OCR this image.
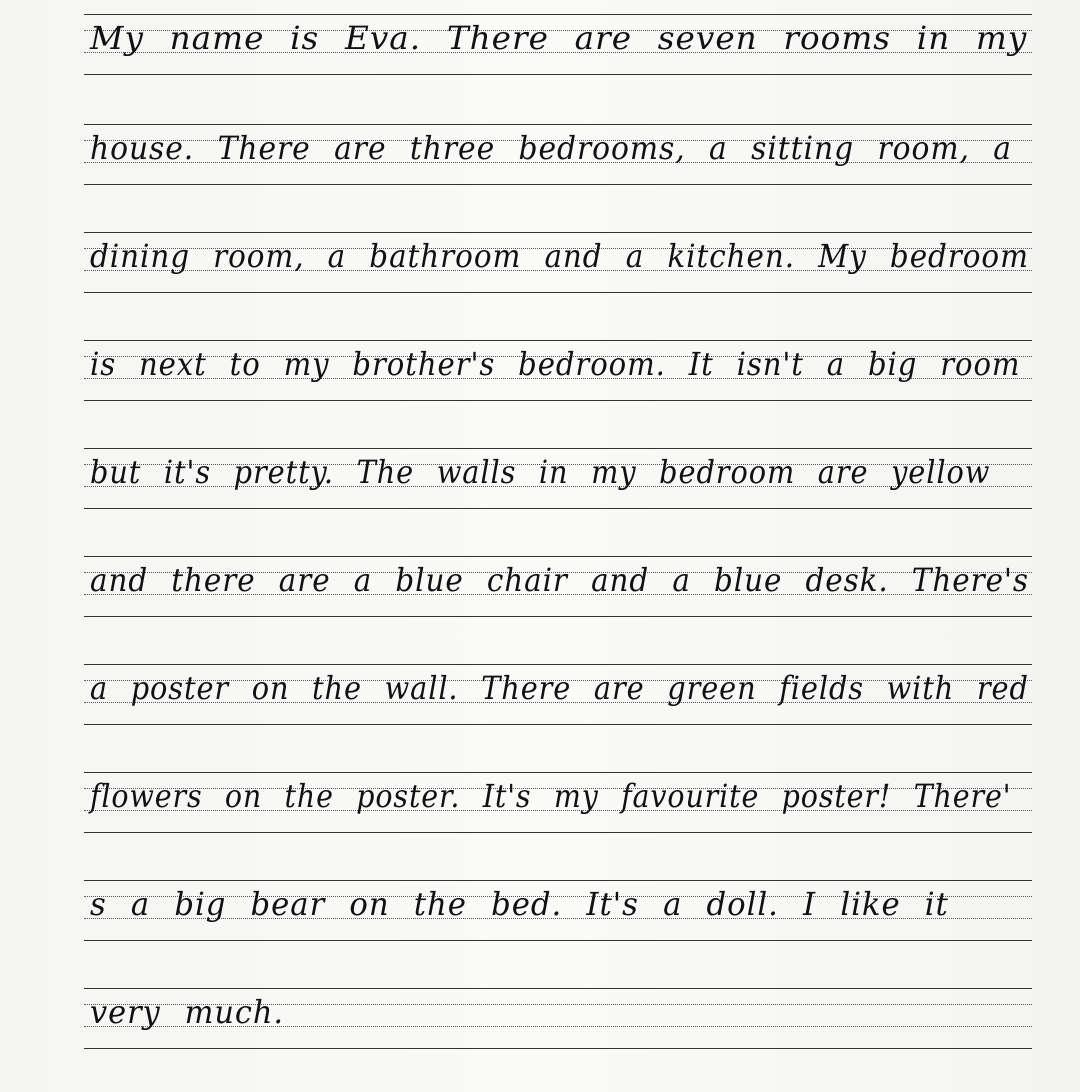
My name is Eva. There are seven rooms in my
house. There are three bedrooms, a sitting room, a
dining room, a bathroom and a kitchen. My bedroom
is next to my brother's bedroom. It isn't a big room
but it's pretty. The walls in my bedroom are yellow
and there are a blue chair and a blue desk. There's
a poster on the wall. There are green fields with red
flowers on the poster. It's my favourite poster! There'
s a big bear on the bed. It's a doll. I like it
very much.
